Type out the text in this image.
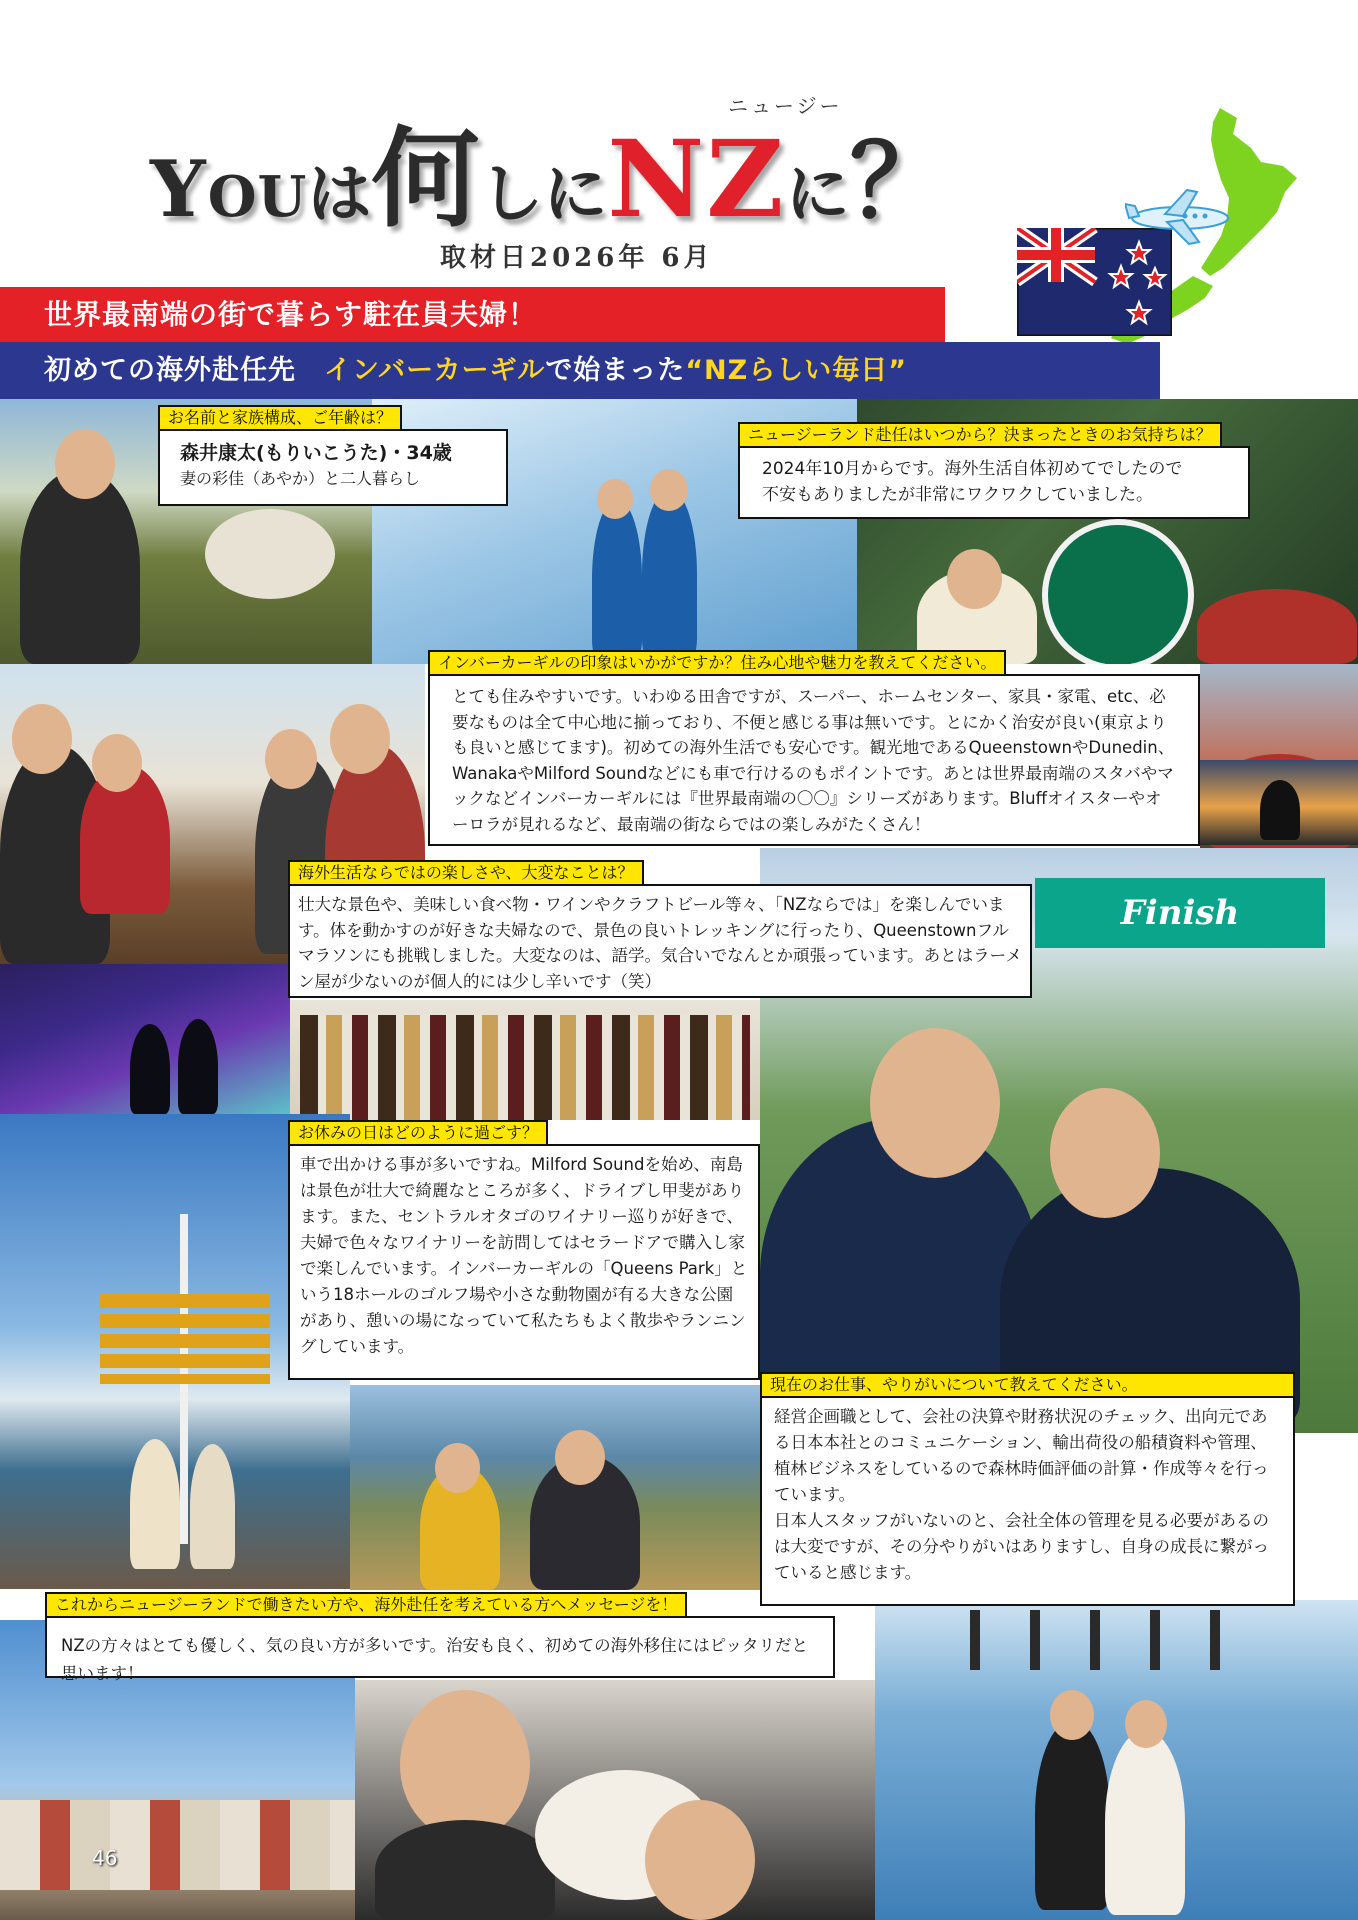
YOUは何しにNZに？
ニュージー
取材日2026年 6月
世界最南端の街で暮らす駐在員夫婦！
初めての海外赴任先　インバーカーギルで始まった“NZらしい毎日”
Finish
お名前と家族構成、ご年齢は？
森井康太(もりいこうた)・34歳
妻の彩佳（あやか）と二人暮らし
ニュージーランド赴任はいつから？決まったときのお気持ちは？

2024年10月からです。海外生活自体初めてでしたので

不安もありましたが非常にワクワクしていました。

インバーカーギルの印象はいかがですか？住み心地や魅力を教えてください。

とても住みやすいです。いわゆる田舎ですが、スーパー、ホームセンター、家具・家電、etc、必要なものは全て中心地に揃っており、不便と感じる事は無いです。とにかく治安が良い(東京よりも良いと感じてます)。初めての海外生活でも安心です。観光地であるQueenstownやDunedin、WanakaやMilford Soundなどにも車で行けるのもポイントです。あとは世界最南端のスタバやマックなどインバーカーギルには『世界最南端の〇〇』シリーズがあります。Bluffオイスターやオーロラが見れるなど、最南端の街ならではの楽しみがたくさん！

海外生活ならではの楽しさや、大変なことは？

壮大な景色や、美味しい食べ物・ワインやクラフトビール等々、「NZならでは」を楽しんでいます。体を動かすのが好きな夫婦なので、景色の良いトレッキングに行ったり、Queenstownフルマラソンにも挑戦しました。大変なのは、語学。気合いでなんとか頑張っています。あとはラーメン屋が少ないのが個人的には少し辛いです（笑）

お休みの日はどのように過ごす？

車で出かける事が多いですね。Milford Soundを始め、南島は景色が壮大で綺麗なところが多く、ドライブし甲斐があります。また、セントラルオタゴのワイナリー巡りが好きで、夫婦で色々なワイナリーを訪問してはセラードアで購入し家で楽しんでいます。インバーカーギルの「Queens Park」という18ホールのゴルフ場や小さな動物園が有る大きな公園があり、憩いの場になっていて私たちもよく散歩やランニングしています。

現在のお仕事、やりがいについて教えてください。

経営企画職として、会社の決算や財務状況のチェック、出向元である日本本社とのコミュニケーション、輸出荷役の船積資料や管理、植林ビジネスをしているので森林時価評価の計算・作成等々を行っています。

日本人スタッフがいないのと、会社全体の管理を見る必要があるのは大変ですが、その分やりがいはありますし、自身の成長に繋がっていると感じます。

これからニュージーランドで働きたい方や、海外赴任を考えている方へメッセージを！

NZの方々はとても優しく、気の良い方が多いです。治安も良く、初めての海外移住にはピッタリだと思います！

46
